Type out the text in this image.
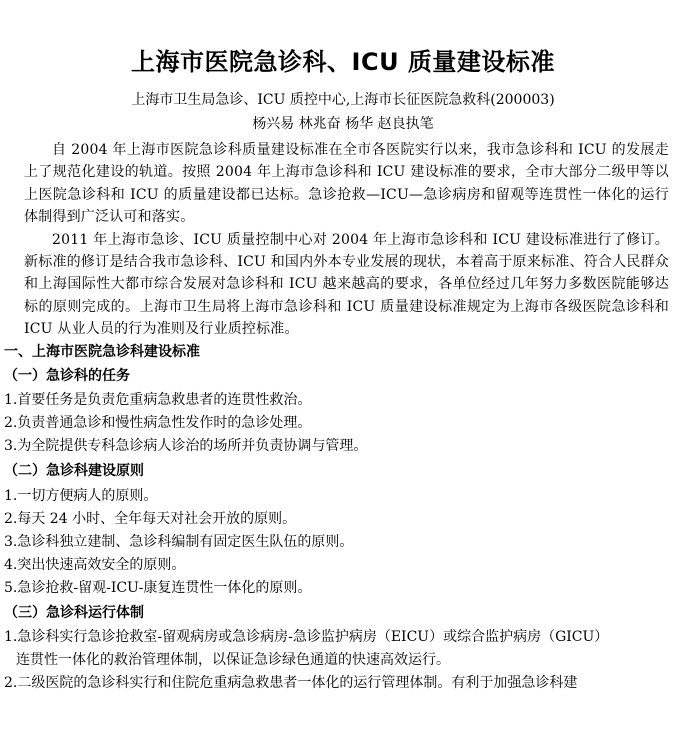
上海市医院急诊科、ICU 质量建设标准
上海市卫生局急诊、ICU 质控中心,上海市长征医院急救科(200003)
杨兴易 林兆奋 杨华 赵良执笔

自 2004 年上海市医院急诊科质量建设标准在全市各医院实行以来，我市急诊科和 ICU 的发展走上了规范化建设的轨道。按照 2004 年上海市急诊科和 ICU 建设标准的要求，全市大部分二级甲等以上医院急诊科和 ICU 的质量建设都已达标。急诊抢救—ICU—急诊病房和留观等连贯性一体化的运行体制得到广泛认可和落实。

2011 年上海市急诊、ICU 质量控制中心对 2004 年上海市急诊科和 ICU 建设标准进行了修订。新标准的修订是结合我市急诊科、ICU 和国内外本专业发展的现状，本着高于原来标准、符合人民群众和上海国际性大都市综合发展对急诊科和 ICU 越来越高的要求，各单位经过几年努力多数医院能够达标的原则完成的。上海市卫生局将上海市急诊科和 ICU 质量建设标准规定为上海市各级医院急诊科和 ICU 从业人员的行为准则及行业质控标准。

一、上海市医院急诊科建设标准
（一）急诊科的任务
1.首要任务是负责危重病急救患者的连贯性救治。
2.负责普通急诊和慢性病急性发作时的急诊处理。
3.为全院提供专科急诊病人诊治的场所并负责协调与管理。
（二）急诊科建设原则
1.一切方便病人的原则。
2.每天 24 小时、全年每天对社会开放的原则。
3.急诊科独立建制、急诊科编制有固定医生队伍的原则。
4.突出快速高效安全的原则。
5.急诊抢救-留观-ICU-康复连贯性一体化的原则。
（三）急诊科运行体制
1.急诊科实行急诊抢救室-留观病房或急诊病房-急诊监护病房（EICU）或综合监护病房（GICU）
连贯性一体化的救治管理体制，以保证急诊绿色通道的快速高效运行。
2.二级医院的急诊科实行和住院危重病急救患者一体化的运行管理体制。有利于加强急诊科建
